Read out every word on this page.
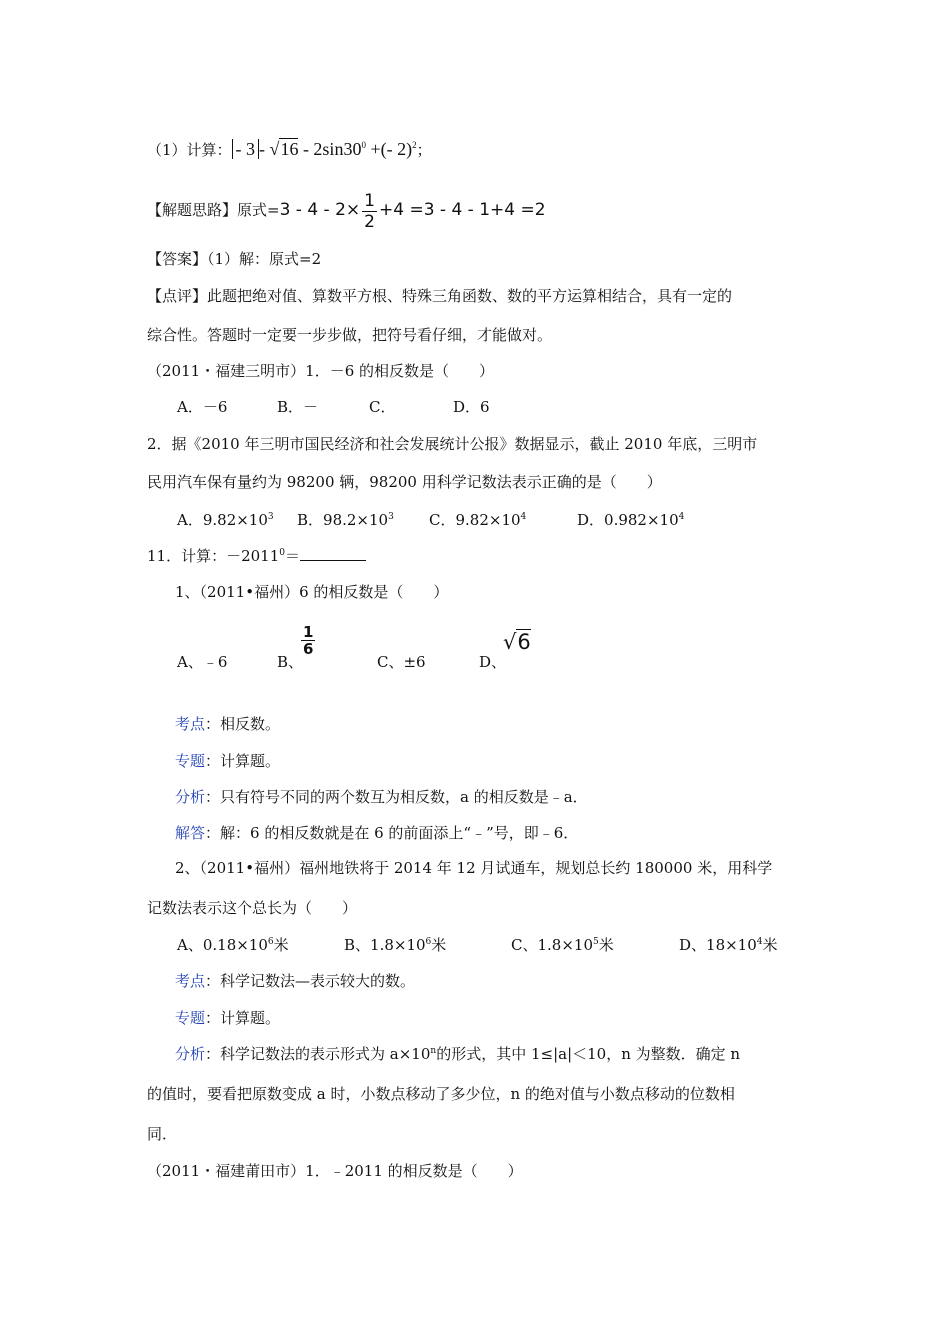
（1）计算： - $3 - √16 - 2\sin 30^0$ +(- 2)$^2$；
【解题思路】原式$=3 - 4 - 2\times \frac{1}{2} +4 =3 - 4 - 1+4 =2$
【答案】（1）解：原式=2
【点评】此题把绝对值、算数平方根、特殊三角函数、数的平方运算相结合，具有一定的
综合性。答题时一定要一步步做，把符号看仔细，才能做对。
（2011・福建三明市）1．－6 的相反数是（　　）
A．－6	B．－	C．	D．6
2．据《2010 年三明市国民经济和社会发展统计公报》数据显示，截止 2010 年底，三明市
民用汽车保有量约为 98200 辆，98200 用科学记数法表示正确的是（　　）
A．$9.82\times 10^3$ B．$98.2\times 10^3$ C．$9.82\times 10^4$	D．$0.982\times 10^4$
11．计算：$-2011^0=$
1、（2011•福州）6 的相反数是（　　）
A、﹣6	B、
$\frac{1}{6}$
C、±6	D、
√6
考点：相反数。
专题：计算题。
分析：只有符号不同的两个数互为相反数，a 的相反数是﹣a．
解答：解：6 的相反数就是在 6 的前面添上“﹣”号，即﹣6．
2、（2011•福州）福州地铁将于 2014 年 12 月试通车，规划总长约 180000 米，用科学
记数法表示这个总长为（　　）
A、$0.18\times 10^6$米	B、$1.8\times 10^6$米	C、$1.8\times 10^5$米	D、$18\times 10^4$米
考点：科学记数法—表示较大的数。
专题：计算题。
分析：科学记数法的表示形式为 $a\times 10^n$的形式，其中 1≤|a|＜10，n 为整数．确定 n
的值时，要看把原数变成 a 时，小数点移动了多少位，n 的绝对值与小数点移动的位数相
同．
（2011・福建莆田市）1．﹣2011 的相反数是（　　）
